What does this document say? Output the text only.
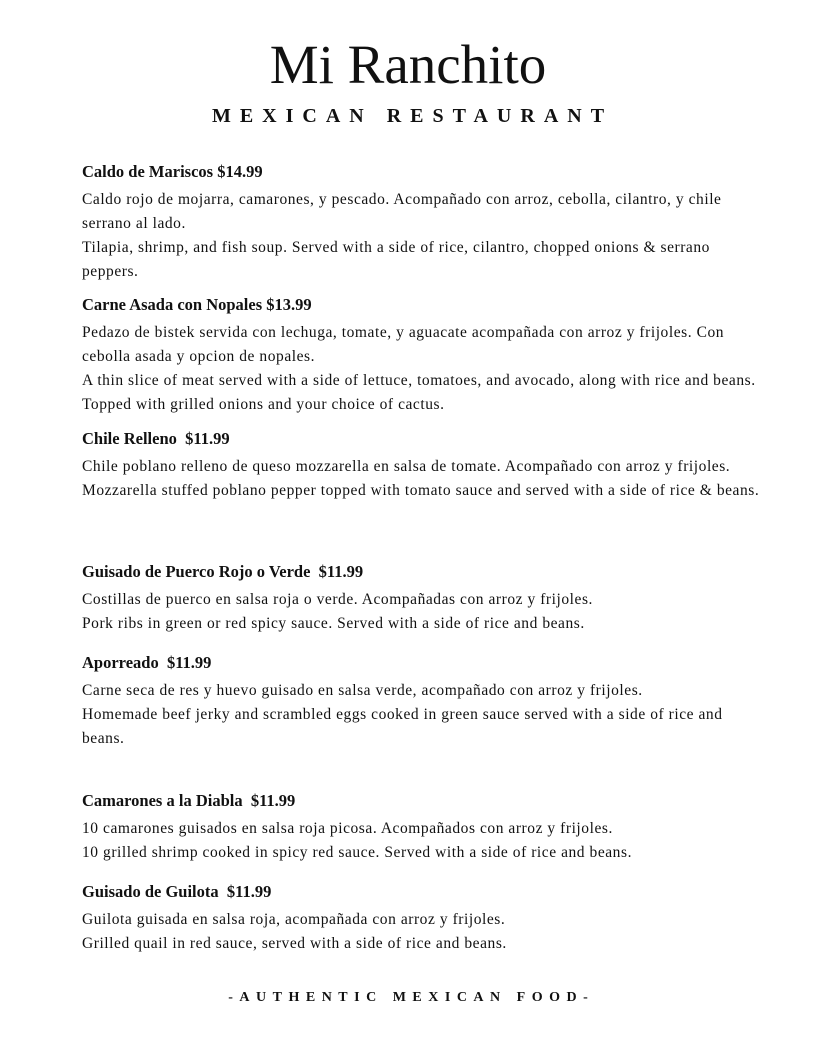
Mi Ranchito
MEXICAN RESTAURANT

Caldo de Mariscos $14.99

Caldo rojo de mojarra, camarones, y pescado. Acompañado con arroz, cebolla, cilantro, y chile serrano al lado.

Tilapia, shrimp, and fish soup. Served with a side of rice, cilantro, chopped onions & serrano peppers.

Carne Asada con Nopales $13.99

Pedazo de bistek servida con lechuga, tomate, y aguacate acompañada con arroz y frijoles. Con cebolla asada y opcion de nopales.

A thin slice of meat served with a side of lettuce, tomatoes, and avocado, along with rice and beans. Topped with grilled onions and your choice of cactus.

Chile Relleno  $11.99

Chile poblano relleno de queso mozzarella en salsa de tomate. Acompañado con arroz y frijoles.

Mozzarella stuffed poblano pepper topped with tomato sauce and served with a side of rice & beans.

Guisado de Puerco Rojo o Verde  $11.99

Costillas de puerco en salsa roja o verde. Acompañadas con arroz y frijoles.

Pork ribs in green or red spicy sauce. Served with a side of rice and beans.

Aporreado  $11.99

Carne seca de res y huevo guisado en salsa verde, acompañado con arroz y frijoles.

Homemade beef jerky and scrambled eggs cooked in green sauce served with a side of rice and beans.

Camarones a la Diabla  $11.99

10 camarones guisados en salsa roja picosa. Acompañados con arroz y frijoles.

10 grilled shrimp cooked in spicy red sauce. Served with a side of rice and beans.

Guisado de Guilota  $11.99

Guilota guisada en salsa roja, acompañada con arroz y frijoles.

Grilled quail in red sauce, served with a side of rice and beans.

-AUTHENTIC MEXICAN FOOD-
